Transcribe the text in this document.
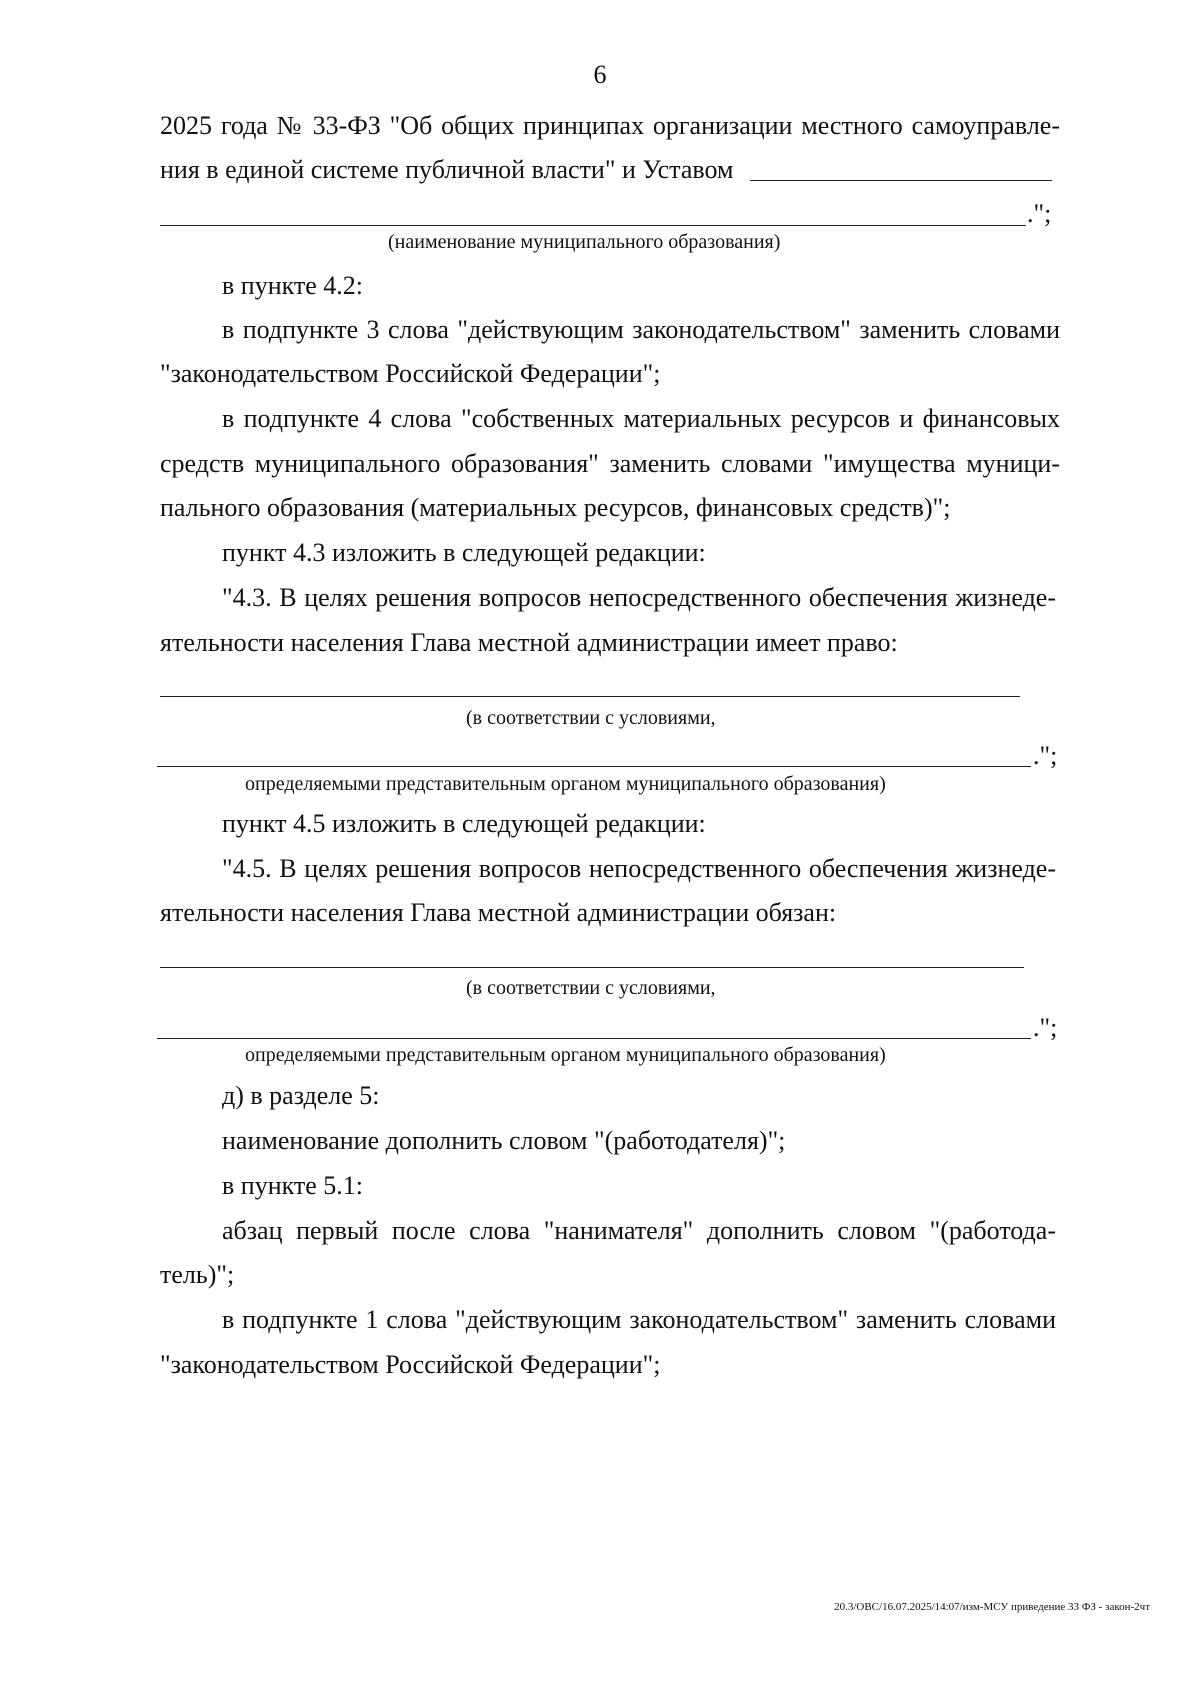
6
2025 года № 33-ФЗ "Об общих принципах организации местного самоуправле-
ния в единой системе публичной власти" и Уставом
.";
(наименование муниципального образования)
в пункте 4.2:
в подпункте 3 слова "действующим законодательством" заменить словами
"законодательством Российской Федерации";
в подпункте 4 слова "собственных материальных ресурсов и финансовых
средств муниципального образования" заменить словами "имущества муници-
пального образования (материальных ресурсов, финансовых средств)";
пункт 4.3 изложить в следующей редакции:
"4.3. В целях решения вопросов непосредственного обеспечения жизнеде-
ятельности населения Глава местной администрации имеет право:
(в соответствии с условиями,
.";
определяемыми представительным органом муниципального образования)
пункт 4.5 изложить в следующей редакции:
"4.5. В целях решения вопросов непосредственного обеспечения жизнеде-
ятельности населения Глава местной администрации обязан:
(в соответствии с условиями,
.";
определяемыми представительным органом муниципального образования)
д) в разделе 5:
наименование дополнить словом "(работодателя)";
в пункте 5.1:
абзац первый после слова "нанимателя" дополнить словом "(работода-
тель)";
в подпункте 1 слова "действующим законодательством" заменить словами
"законодательством Российской Федерации";
20.3/ОВС/16.07.2025/14:07/изм-МСУ приведение 33 ФЗ - закон-2чт
